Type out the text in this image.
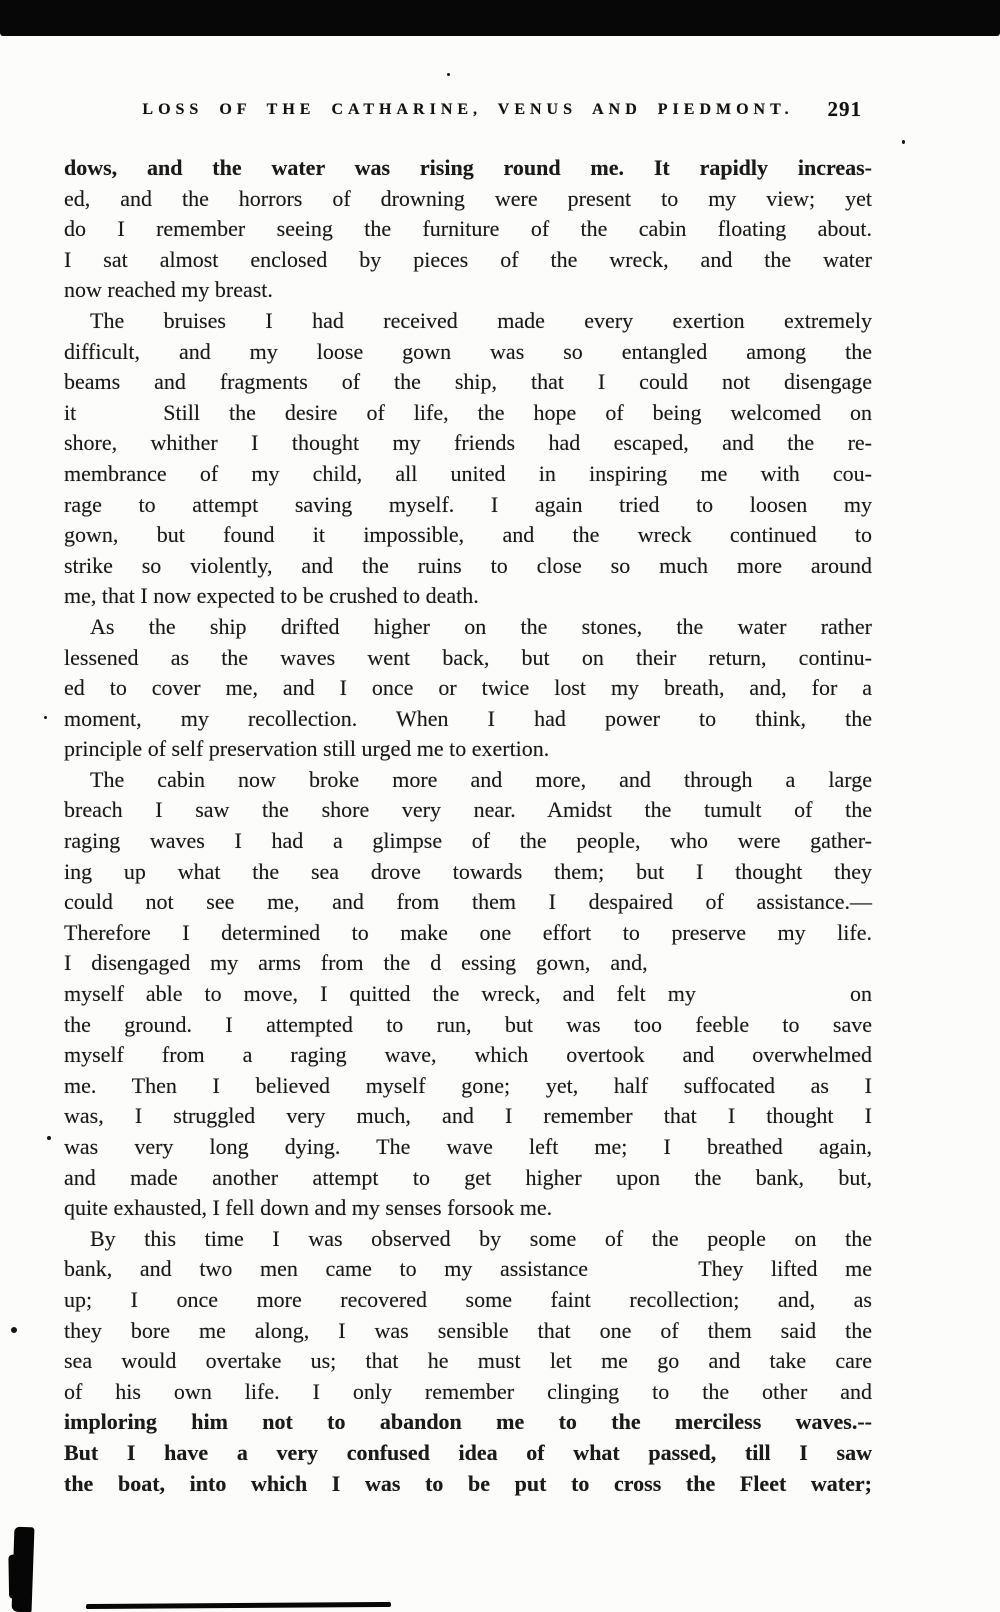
LOSS OF THE CATHARINE, VENUS AND PIEDMONT. 291
dows, and the water was rising round me. It rapidly increas-
ed, and the horrors of drowning were present to my view; yet
do I remember seeing the furniture of the cabin floating about.
I sat almost enclosed by pieces of the wreck, and the water
now reached my breast.
The bruises I had received made every exertion extremely
difficult, and my loose gown was so entangled among the
beams and fragments of the ship, that I could not disengage
it   Still the desire of life, the hope of being welcomed on
shore, whither I thought my friends had escaped, and the re-
membrance of my child, all united in inspiring me with cou-
rage to attempt saving myself. I again tried to loosen my
gown, but found it impossible, and the wreck continued to
strike so violently, and the ruins to close so much more around
me, that I now expected to be crushed to death.
As the ship drifted higher on the stones, the water rather
lessened as the waves went back, but on their return, continu-
ed to cover me, and I once or twice lost my breath, and, for a
moment, my recollection. When I had power to think, the
principle of self preservation still urged me to exertion.
The cabin now broke more and more, and through a large
breach I saw the shore very near. Amidst the tumult of the
raging waves I had a glimpse of the people, who were gather-
ing up what the sea drove towards them; but I thought they
could not see me, and from them I despaired of assistance.—
Therefore I determined to make one effort to preserve my life.
I disengaged my arms from the d essing gown, and,
myself able to move, I quitted the wreck, and felt my       on
the ground. I attempted to run, but was too feeble to save
myself from a raging wave, which overtook and overwhelmed
me. Then I believed myself gone; yet, half suffocated as I
was, I struggled very much, and I remember that I thought I
was very long dying. The wave left me; I breathed again,
and made another attempt to get higher upon the bank, but,
quite exhausted, I fell down and my senses forsook me.
By this time I was observed by some of the people on the
bank, and two men came to my assistance    They lifted me
up; I once more recovered some faint recollection; and, as
they bore me along, I was sensible that one of them said the
sea would overtake us; that he must let me go and take care
of his own life. I only remember clinging to the other and
imploring him not to abandon me to the merciless waves.--
But I have a very confused idea of what passed, till I saw
the boat, into which I was to be put to cross the Fleet water;
